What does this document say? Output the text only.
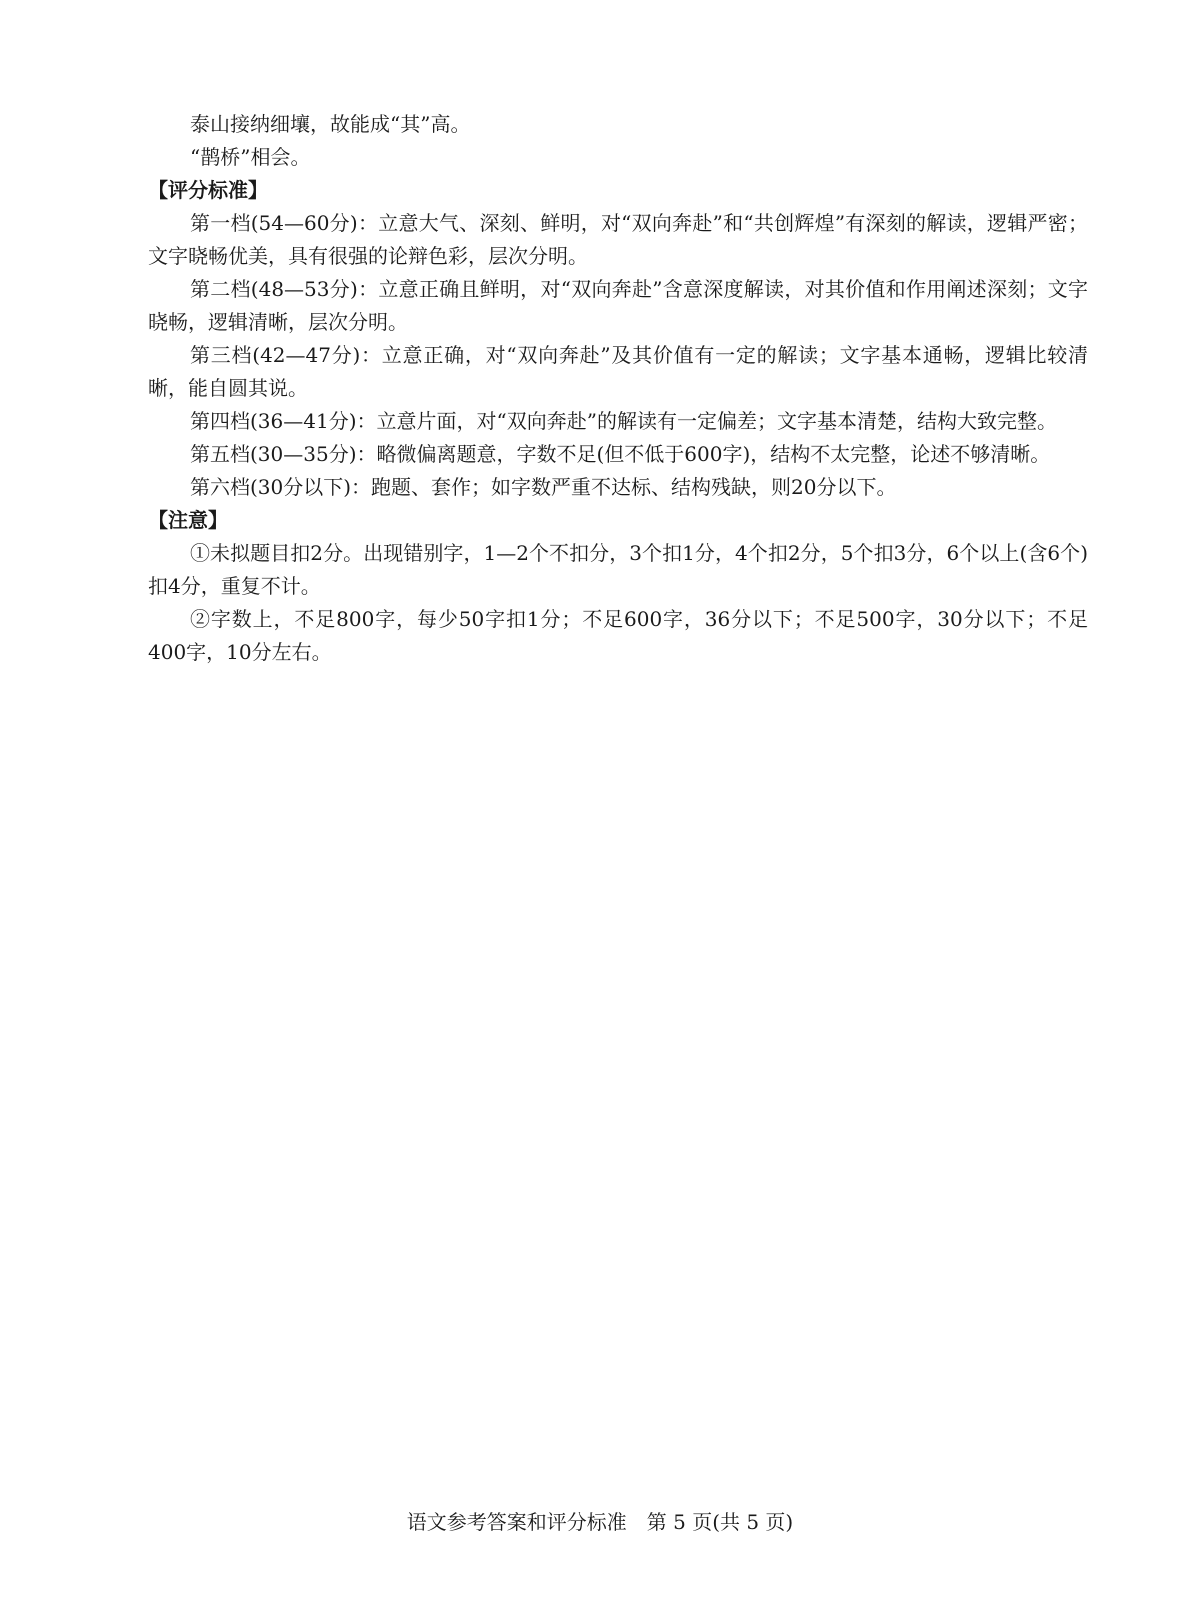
泰山接纳细壤，故能成“其”高。

“鹊桥”相会。

【评分标准】

第一档(54—60分)：立意大气、深刻、鲜明，对“双向奔赴”和“共创辉煌”有深刻的解读，逻辑严密；文字晓畅优美，具有很强的论辩色彩，层次分明。

第二档(48—53分)：立意正确且鲜明，对“双向奔赴”含意深度解读，对其价值和作用阐述深刻；文字晓畅，逻辑清晰，层次分明。

第三档(42—47分)：立意正确，对“双向奔赴”及其价值有一定的解读；文字基本通畅，逻辑比较清晰，能自圆其说。

第四档(36—41分)：立意片面，对“双向奔赴”的解读有一定偏差；文字基本清楚，结构大致完整。

第五档(30—35分)：略微偏离题意，字数不足(但不低于600字)，结构不太完整，论述不够清晰。

第六档(30分以下)：跑题、套作；如字数严重不达标、结构残缺，则20分以下。

【注意】

①未拟题目扣2分。出现错别字，1—2个不扣分，3个扣1分，4个扣2分，5个扣3分，6个以上(含6个)扣4分，重复不计。

②字数上，不足800字，每少50字扣1分；不足600字，36分以下；不足500字，30分以下；不足400字，10分左右。

语文参考答案和评分标准　第 5 页(共 5 页)
